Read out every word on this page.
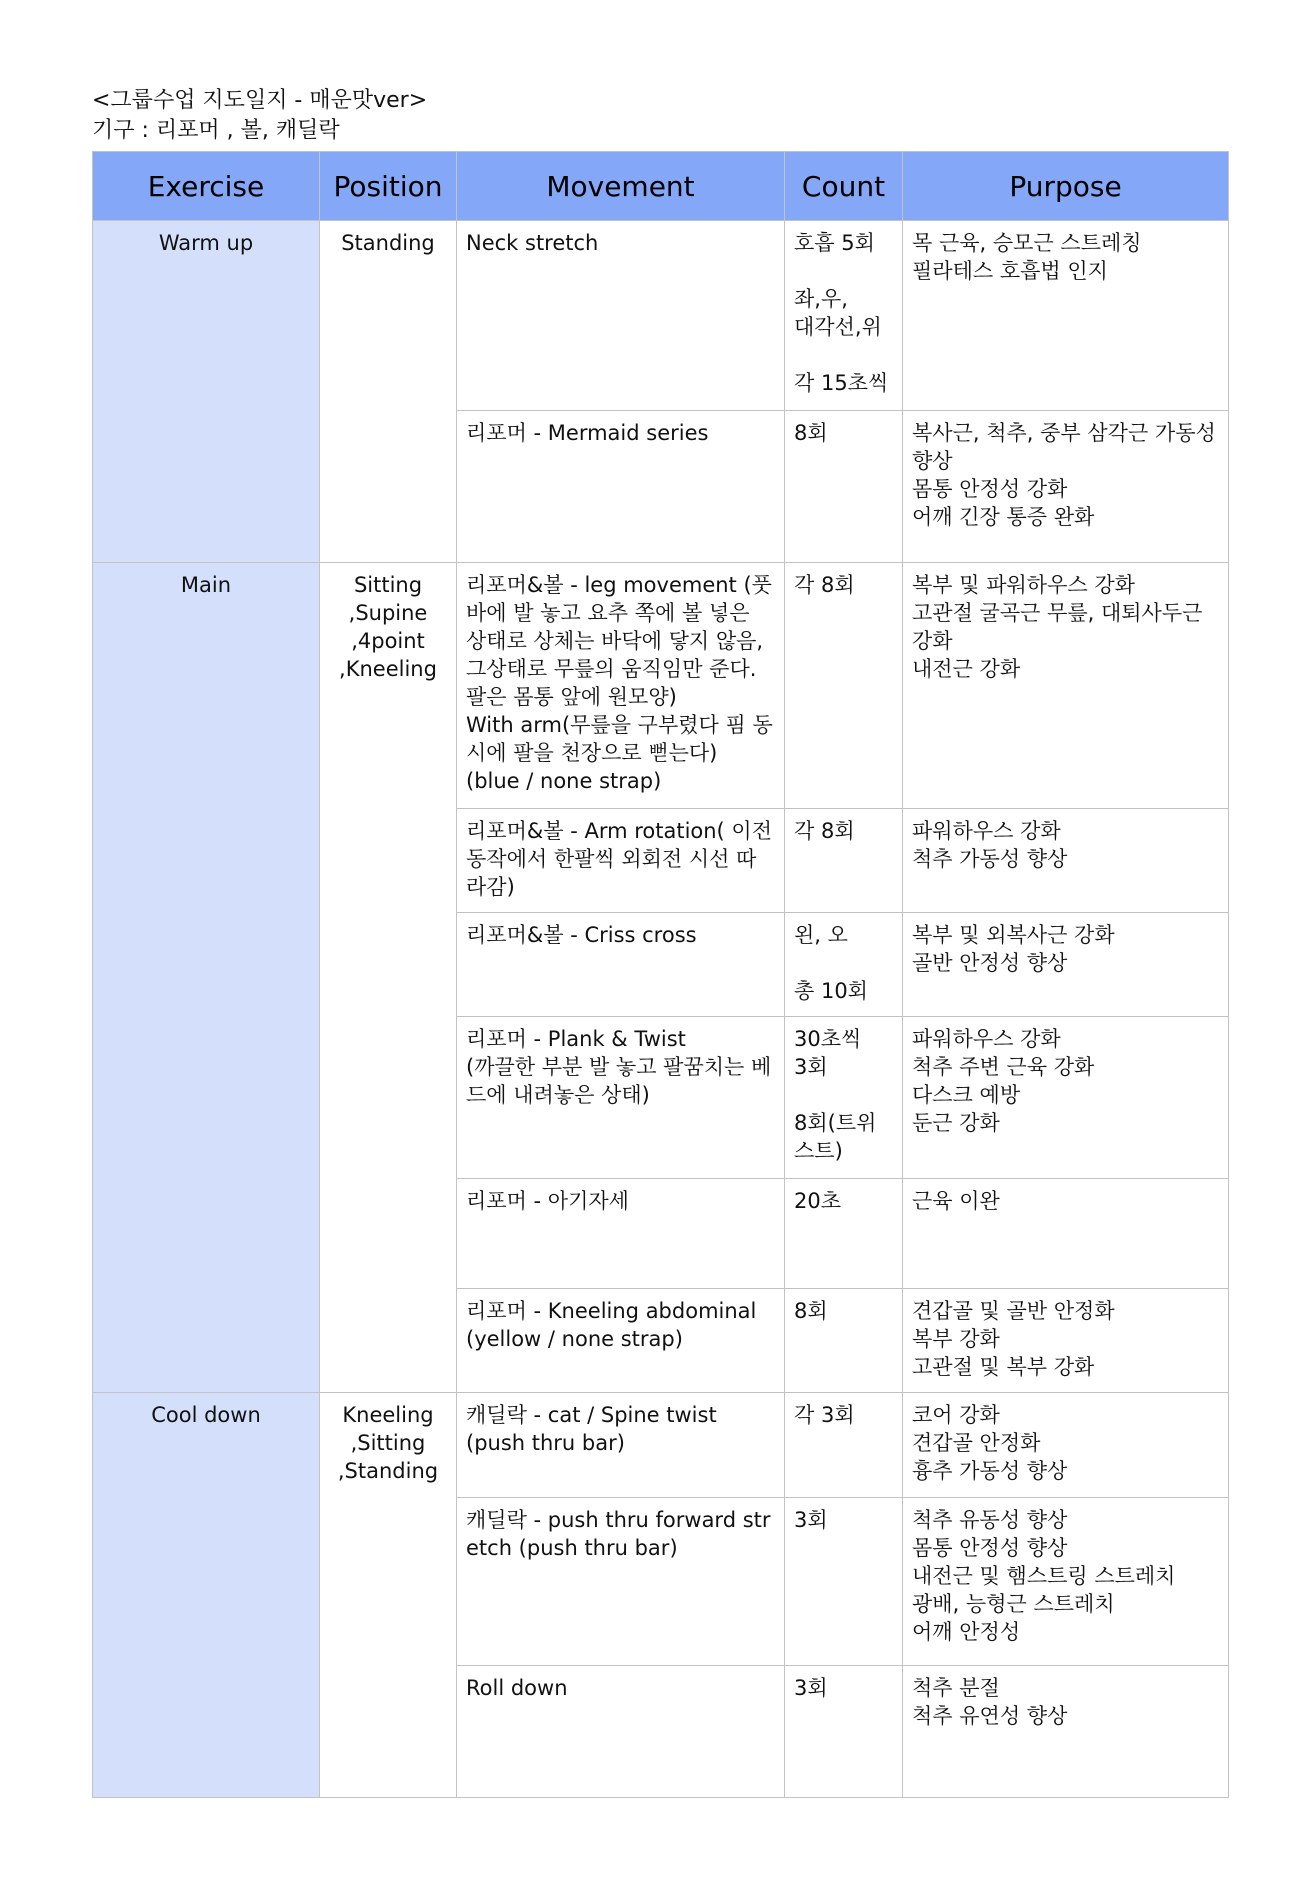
<그룹수업 지도일지 - 매운맛ver>
기구 : 리포머 , 볼, 캐딜락
Exercise	Position	Movement	Count	Purpose
Warm up	Standing	Neck stretch	호흡 5회

좌,우,
대각선,위

각 15초씩	목 근육, 승모근 스트레칭
필라테스 호흡법 인지
		리포머 - Mermaid series	8회	복사근, 척추, 중부 삼각근 가동성 향상
몸통 안정성 강화
어깨 긴장 통증 완화
Main	Sitting
,Supine
,4point
,Kneeling	리포머&볼 - leg movement (풋바에 발 놓고 요추 쪽에 볼 넣은 상태로 상체는 바닥에 닿지 않음, 그상태로 무릎의 움직임만 준다. 팔은 몸통 앞에 원모양)
With arm(무릎을 구부렸다 핌 동시에 팔을 천장으로 뻗는다)
(blue / none strap)	각 8회	복부 및 파워하우스 강화
고관절 굴곡근 무릎, 대퇴사두근 강화
내전근 강화
		리포머&볼 - Arm rotation( 이전 동작에서 한팔씩 외회전 시선 따라감)	각 8회	파워하우스 강화
척추 가동성 향상
		리포머&볼 - Criss cross	왼, 오

총 10회	복부 및 외복사근 강화
골반 안정성 향상
		리포머 - Plank & Twist
(까끌한 부분 발 놓고 팔꿈치는 베드에 내려놓은 상태)	30초씩
3회

8회(트위스트)	파워하우스 강화
척추 주변 근육 강화
다스크 예방
둔근 강화
		리포머 - 아기자세	20초	근육 이완
		리포머 - Kneeling abdominal
(yellow / none strap)	8회	견갑골 및 골반 안정화
복부 강화
고관절 및 복부 강화
Cool down	Kneeling
,Sitting
,Standing	캐딜락 - cat / Spine twist
(push thru bar)	각 3회	코어 강화
견갑골 안정화
흉추 가동성 향상
		캐딜락 - push thru forward stretch (push thru bar)	3회	척추 유동성 향상
몸통 안정성 향상
내전근 및 햄스트링 스트레치
광배, 능형근 스트레치
어깨 안정성
		Roll down	3회	척추 분절
척추 유연성 향상
